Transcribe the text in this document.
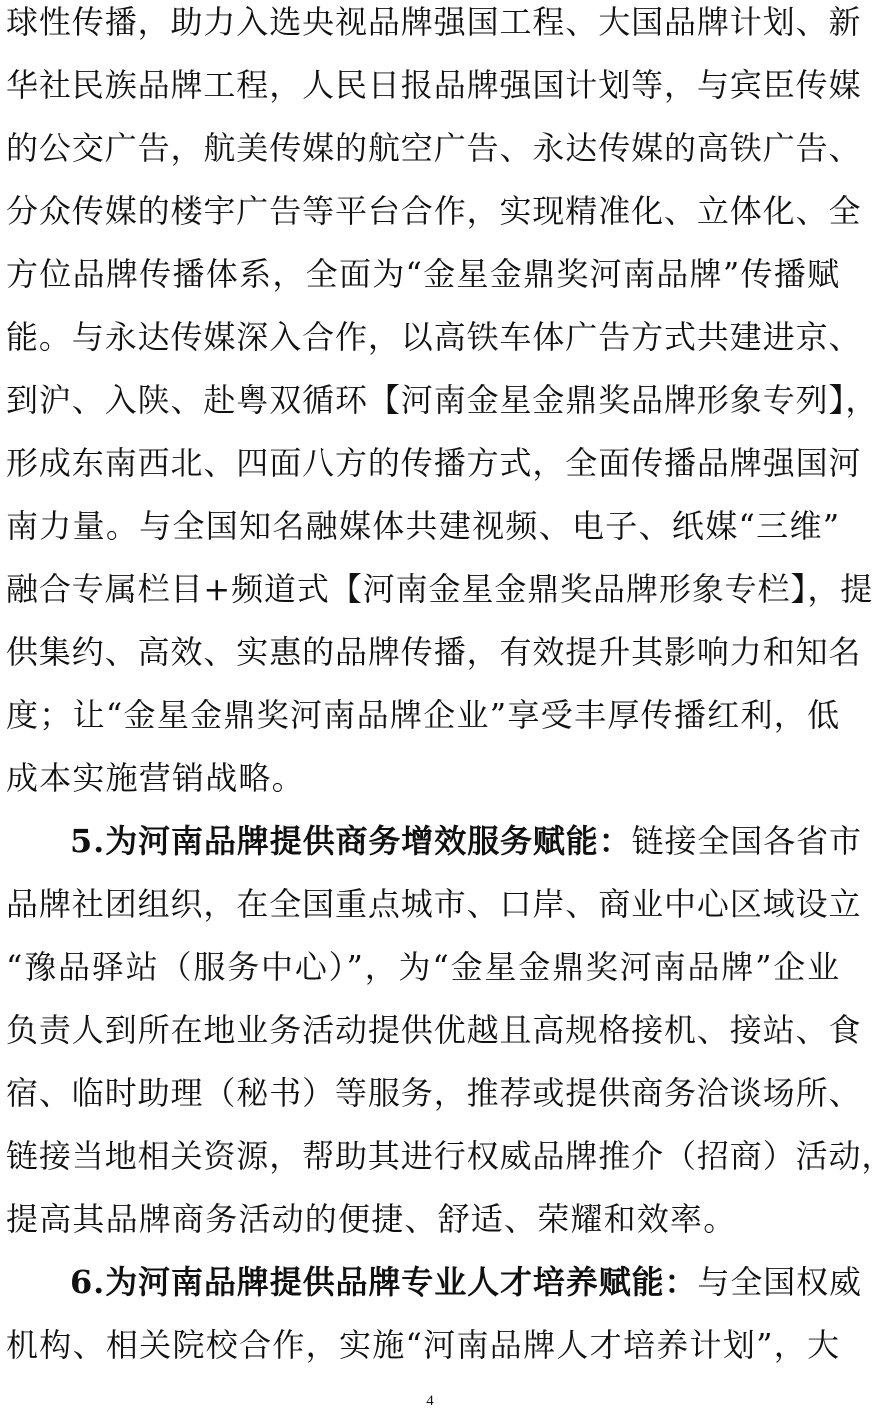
球性传播，助力入选央视品牌强国工程、大国品牌计划、新
华社民族品牌工程，人民日报品牌强国计划等，与宾臣传媒
的公交广告，航美传媒的航空广告、永达传媒的高铁广告、
分众传媒的楼宇广告等平台合作，实现精准化、立体化、全
方位品牌传播体系，全面为“金星金鼎奖河南品牌”传播赋
能。与永达传媒深入合作，以高铁车体广告方式共建进京、
到沪、入陕、赴粤双循环【河南金星金鼎奖品牌形象专列】，
形成东南西北、四面八方的传播方式，全面传播品牌强国河
南力量。与全国知名融媒体共建视频、电子、纸媒“三维”
融合专属栏目+频道式【河南金星金鼎奖品牌形象专栏】，提
供集约、高效、实惠的品牌传播，有效提升其影响力和知名
度；让“金星金鼎奖河南品牌企业”享受丰厚传播红利，低
成本实施营销战略。
5.为河南品牌提供商务增效服务赋能：链接全国各省市
品牌社团组织，在全国重点城市、口岸、商业中心区域设立
“豫品驿站（服务中心）”，为“金星金鼎奖河南品牌”企业
负责人到所在地业务活动提供优越且高规格接机、接站、食
宿、临时助理（秘书）等服务，推荐或提供商务洽谈场所、
链接当地相关资源，帮助其进行权威品牌推介（招商）活动，
提高其品牌商务活动的便捷、舒适、荣耀和效率。
6.为河南品牌提供品牌专业人才培养赋能：与全国权威
机构、相关院校合作，实施“河南品牌人才培养计划”，大
4
